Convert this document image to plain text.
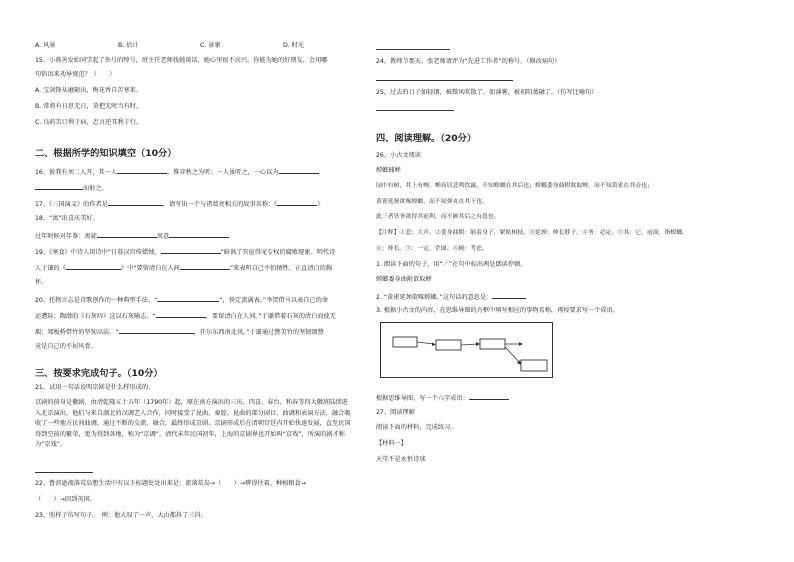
A. 风景	B. 估计	C. 景象	D. 时光
15、小燕善发始同学起了外号的绰号，班主任老师找她谈话，她心里很不高兴。你能为她的好朋友，会用哪
句俗语来劝导规范？（　　）
A. 宝剑锋从磨砺出，梅花香自苦寒来。
B. 常将有日思无日，莫把无时当有时。
C. 良药苦口利于病，忠言逆耳利于行。
二、根据所学的知识填空（10分）
16、彼我有刘二人开，其一人	，惟弈秋之为听；一人虽听之，一心以为
而射之。
17、《三国演义》的作者是	，请写出一个与诸葛亮相关的故事名称：《	》
18、“寓”出喜庆美好。
过年时候对年鉴：寓旋	寓意
19、《寒食》中诗人用诗中“日暮汉宫传蜡烛，	”暗讽了官宦得宠专权的腐败现象。明代诗
人于谦的《	》中“要留清白在人间	”来表明自己不怕牺牲，正直清白的胸
怀。
20、托物言志是诗歌创作的一种典型手法。“	”，铁定流满表。”李贺借马以表自己的命
运遭际；陶潜的《石灰吟》这以石灰喻志。“	，要留清白在人间。”于谦借着石灰的清白而使无
瑕；郑板桥借竹的坚韧高洁。“	，任尔东西南北风。”于谦通过赞美竹的坚韧颂赞
竟是自己的不屈风骨。
三、按要求完成句子。（10分）
21、试用一句话说明京剧是什么样形成的。
京剧的前身是徽剧，由清乾隆五十五年（1790年）起，原在南方演出的三庆、四喜、春台、和春等四大徽班陆续进入北京演出，他们与来自湖北的汉调艺人合作，同时接受了昆曲、秦腔、昆曲的部分剧目、曲调和表演方法，融合吸收了一些地方民间曲调，通过不断的交流、融合，最终形成京剧。京剧形成后在清朝宫廷内开始快速发展，直至民国得到空前的繁荣，更为得到各地，称为“京调”，清代末年民国初年，上海的京剧界也开始叫“京戏”，所演的剧才称为“京戏”。
22、鲁滨逊流落荒岛想生活中有以下标题处处出来是：流落荒岛→（　　）→辨得住着、种植粮食→
（　　）→回到英国。
23、照样子仿写句子。　例：他大叹了一声，大山都抖了三抖。
24、教师节那天，张老师请评为“先进工作者”的称号。（修改病句）
25、过去的日子如轻烟，被微风吹散了，如薄雾，被初阳蒸融了。（仿写比喻句）
四、阅读理解。（20分）
26、小古文阅读
螳螂捕蝉
园中有树，其上有蝉，蝉高居悲鸣饮露，不知螳螂在其后也；螳螂委身曲附欲取蝉，而不知黄雀在其旁也；
黄雀延颈欲啄螳螂，而不知弹丸在其下也。
此三者皆务欲得其前利，而不顾其后之有患也。
【注释】①悲：大声。②委身曲附：缩着身子，紧贴树枝。③延颈：伸长脖子。④务：必定。⑤其：它，前面，指螳螂。
⑥：伸长。⑦：一定，企图。⑧顾：考虑。
1. 朗读下面的句子，用“／”在句中标出两处朗读停顿。
螳螂委身曲附欲取蝉
2. “黄雀延颈欲啄螳螂。”这句话的意思是：
3. 根据小古文的内容，在思维导图的方框中填写相应的事物名称，再按要求写一个成语。
根据思维导图，写一个八字成语：
27、阅读理解
阅读下面的材料，完成练习。
【材料一】
天堂不是永恒诗球
